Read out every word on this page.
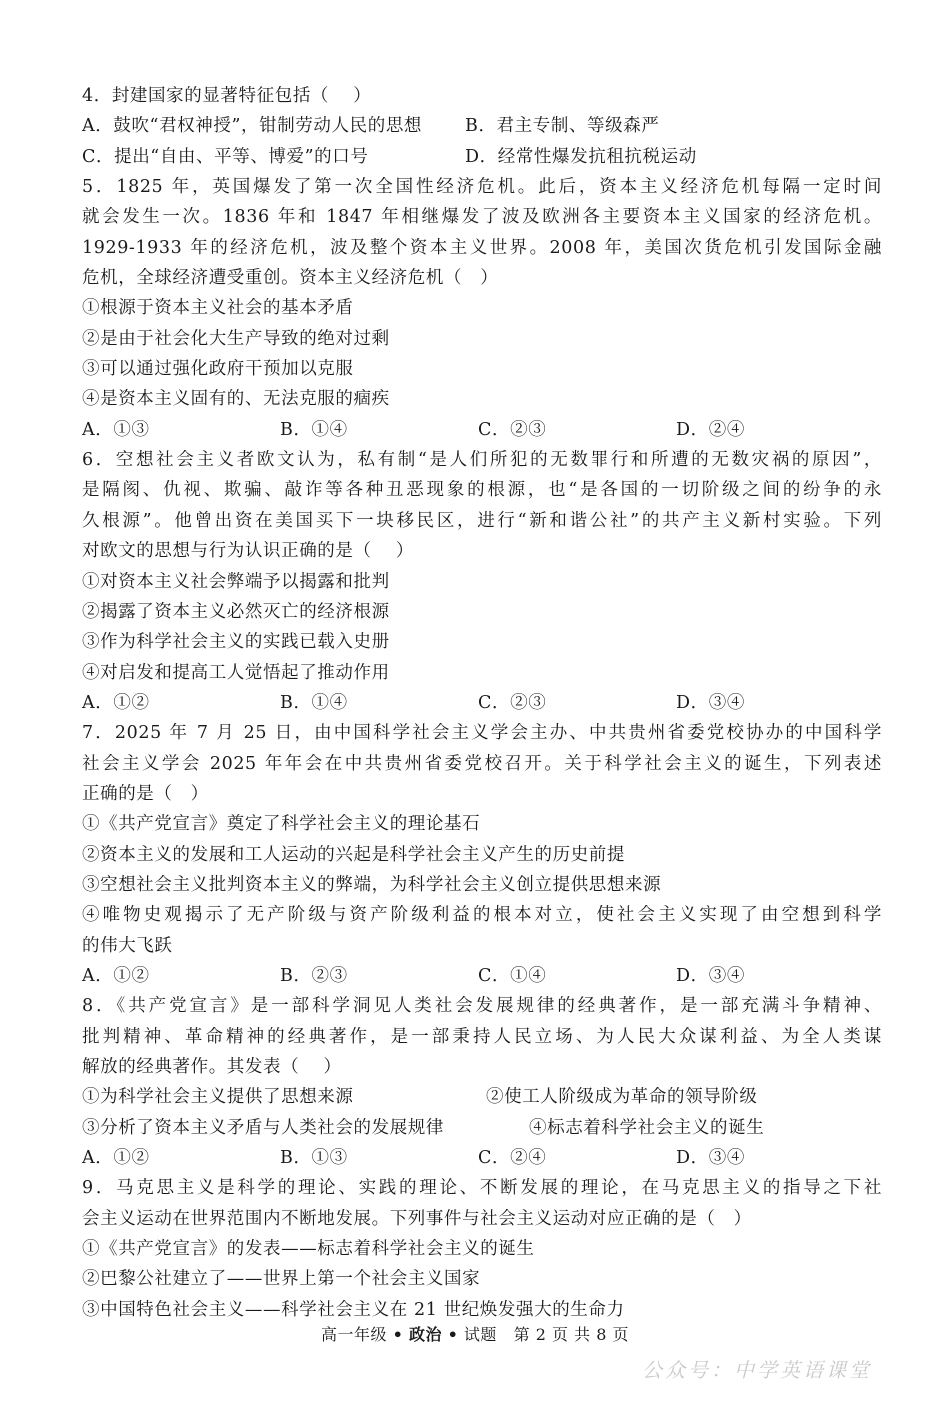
4．封建国家的显著特征包括（　 ）
A．鼓吹“君权神授”，钳制劳动人民的思想	B．君主专制、等级森严
C．提出“自由、平等、博爱”的口号	D．经常性爆发抗租抗税运动
5．1825 年，英国爆发了第一次全国性经济危机。此后，资本主义经济危机每隔一定时间
就会发生一次。1836 年和 1847 年相继爆发了波及欧洲各主要资本主义国家的经济危机。
1929-1933 年的经济危机，波及整个资本主义世界。2008 年，美国次货危机引发国际金融
危机，全球经济遭受重创。资本主义经济危机（　）
①根源于资本主义社会的基本矛盾
②是由于社会化大生产导致的绝对过剩
③可以通过强化政府干预加以克服
④是资本主义固有的、无法克服的痼疾
A．①③	B．①④	C．②③	D．②④
6．空想社会主义者欧文认为，私有制“是人们所犯的无数罪行和所遭的无数灾祸的原因”，
是隔阂、仇视、欺骗、敲诈等各种丑恶现象的根源，也“是各国的一切阶级之间的纷争的永
久根源”。他曾出资在美国买下一块移民区，进行“新和谐公社”的共产主义新村实验。下列
对欧文的思想与行为认识正确的是（　 ）
①对资本主义社会弊端予以揭露和批判
②揭露了资本主义必然灭亡的经济根源
③作为科学社会主义的实践已载入史册
④对启发和提高工人觉悟起了推动作用
A．①②	B．①④	C．②③	D．③④
7．2025 年 7 月 25 日，由中国科学社会主义学会主办、中共贵州省委党校协办的中国科学
社会主义学会 2025 年年会在中共贵州省委党校召开。关于科学社会主义的诞生，下列表述
正确的是（　）
①《共产党宣言》奠定了科学社会主义的理论基石
②资本主义的发展和工人运动的兴起是科学社会主义产生的历史前提
③空想社会主义批判资本主义的弊端，为科学社会主义创立提供思想来源
④唯物史观揭示了无产阶级与资产阶级利益的根本对立，使社会主义实现了由空想到科学
的伟大飞跃
A．①②	B．②③	C．①④	D．③④
8．《共产党宣言》是一部科学洞见人类社会发展规律的经典著作，是一部充满斗争精神、
批判精神、革命精神的经典著作，是一部秉持人民立场、为人民大众谋利益、为全人类谋
解放的经典著作。其发表（　 ）
①为科学社会主义提供了思想来源	②使工人阶级成为革命的领导阶级
③分析了资本主义矛盾与人类社会的发展规律	④标志着科学社会主义的诞生
A．①②	B．①③	C．②④	D．③④
9．马克思主义是科学的理论、实践的理论、不断发展的理论，在马克思主义的指导之下社
会主义运动在世界范围内不断地发展。下列事件与社会主义运动对应正确的是（　）
①《共产党宣言》的发表——标志着科学社会主义的诞生
②巴黎公社建立了——世界上第一个社会主义国家
③中国特色社会主义——科学社会主义在 21 世纪焕发强大的生命力
高一年级 • 政治 • 试题 第 2 页 共 8 页
公众号：中学英语课堂
